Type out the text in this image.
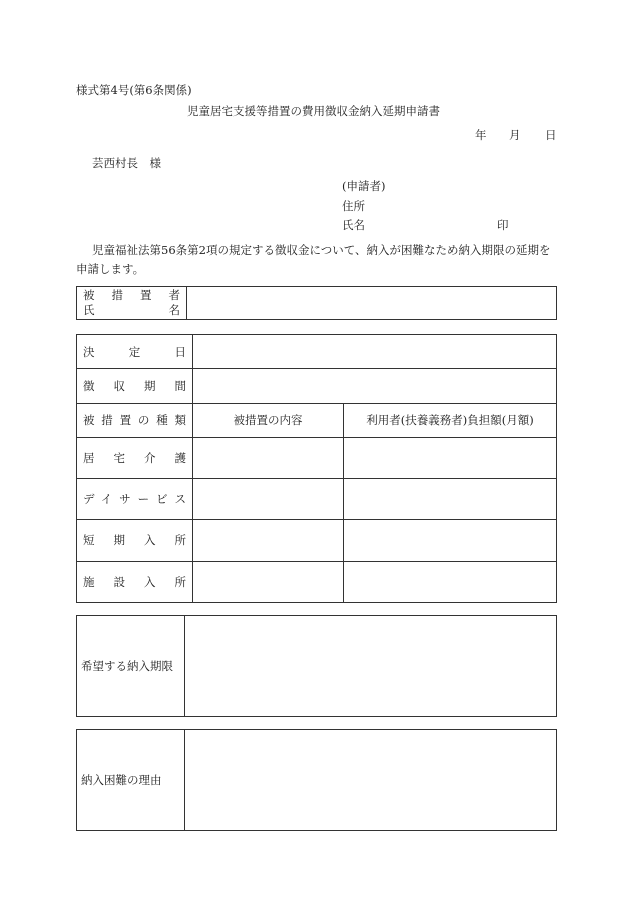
様式第4号(第6条関係)
児童居宅支援等措置の費用徴収金納入延期申請書
年 月 日
芸西村長　様
(申請者)
住所
氏名	印
児童福祉法第56条第2項の規定する徴収金について、納入が困難なため納入期限の延期を
申請します。
被　措　置　者
氏　　　　　名

決　定　日		
徴　収　期　間		
被措置の種類	被措置の内容	利用者(扶養義務者)負担額(月額)
居　宅　介　護		
デイサービス		
短　期　入　所		
施　設　入　所		
希望する納入期限	
納入困難の理由	
